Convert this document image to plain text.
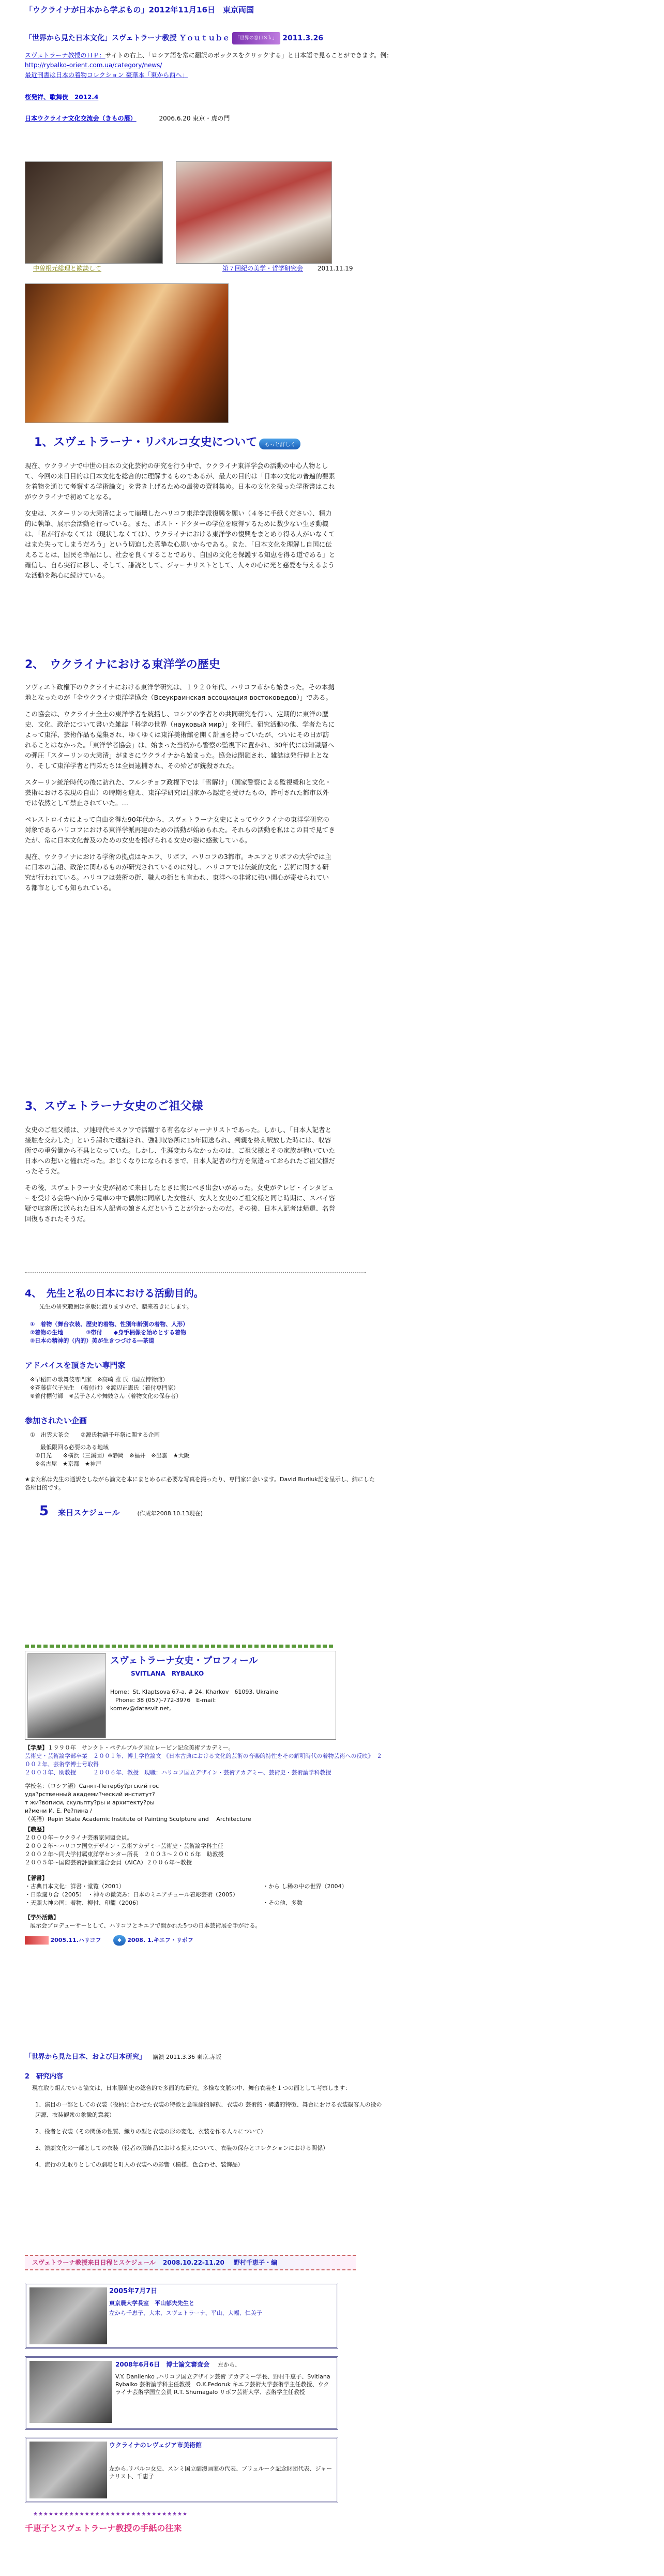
「ウクライナが日本から学ぶもの」2012年11月16日　東京両国
「世界から見た日本文化」スヴェトラーナ教授 Ｙｏｕｔｕｂｅ 「世界の窓口Ｓｋ」 2011.3.26
スヴェトラーナ教授のＨＰ：サイトの右上、「ロシア語を常に翻訳のボックスをクリックする」と日本語で見ることができます。例： http://rybalko-orient.com.ua/category/news/
最近刊書は日本の着物コレクション 豪華本「東から西へ」
桜発祥、歌舞伎　2012.4
日本ウクライナ文化交流会（きもの展）	2006.6.20 東京・虎の門
中曽根元総理と歓談して	第７回紀の美学・哲学研究会 2011.11.19
1、スヴェトラーナ・リバルコ女史について もっと詳しく

現在、ウクライナで中世の日本の文化芸術の研究を行う中で、ウクライナ東洋学会の活動の中心人物として、今回の来日目的は日本文化を総合的に理解するものであるが、最大の目的は「日本の文化の普遍的要素を着物を通じて考察する学術論文」を書き上げるための最後の資料集め。日本の文化を扱った学術書はこれがウクライナで初めてとなる。

女史は、スターリンの大粛清によって崩壊したハリコフ東洋学派復興を願い（４冬に手紙ください）、精力的に執筆、展示会活動を行っている。また、ポスト・ドクターの学位を取得するために数少ない生き動機は、「私が行かなくては（現状しなくては）、ウクライナにおける東洋学の復興をまとめり得る人がいなくてはまた失ってしまうだろう」という切迫した真摯な心思いからである。また、「日本文化を理解し自国に伝えることは、国民を幸福にし、社会を良くすることであり、自国の文化を保護する知恵を得る道である」と確信し、自ら実行に移し、そして、謙読として、ジャーナリストとして、人々の心に光と慈愛を与えるような活動を熱心に続けている。

2、　ウクライナにおける東洋学の歴史

ソヴィエト政権下のウクライナにおける東洋学研究は、１９２０年代、ハリコフ市から始まった。その本拠地となったのが「全ウクライナ東洋学協会（Всеукраинская ассоциация востоковедов）」である。

この協会は、ウクライナ全土の東洋学者を統括し、ロシアの学者との共同研究を行い、定期的に東洋の歴史、文化、政治について書いた雑誌「科学の世界（науковый мир）」を刊行、研究活動の他、学者たちによって東洋、芸術作品も蒐集され、ゆくゆくは東洋美術館を開く計画を持っていたが、ついにその日が訪れることはなかった。「東洋学者協会」は、始まった当初から警察の監視下に置かれ、30年代には知識層への弾圧「スターリンの大粛清」がまさにウクライナから始まった。協会は閉鎖され、雑誌は発行停止となり、そして東洋学者と門弟たちは全員逮捕され、その殆どが銃殺された。

スターリン統治時代の後に訪れた、フルシチョフ政権下では「雪解け」（国家警察による監視緩和と文化・芸術における表現の自由）の時期を迎え、東洋学研究は国家から認定を受けたもの、許可された都市以外では依然として禁止されていた。…

ペレストロイカによって自由を得た90年代から、スヴェトラーナ女史によってウクライナの東洋学研究の対象であるハリコフにおける東洋学派再建のための活動が始められた。それらの活動を私はこの目で見てきたが、常に日本文化普及のための女史を掲げられる女史の姿に感動している。

現在、ウクライナにおける学術の拠点はキエフ、リボフ、ハリコフの3都市。キエフとリボフの大学では主に日本の言語、政治に関わるものが研究されているのに対し、ハリコフでは伝統的文化・芸術に関する研究が行われている。ハリコフは芸術の街、職人の街とも言われ、東洋への非常に強い関心が寄せられている都市としても知られている。

3、スヴェトラーナ女史のご祖父様

女史のご祖父様は、ソ連時代モスクワで活躍する有名なジャーナリストであった。しかし、「日本人記者と接触を交わした」という謂れで逮捕され、強制収容所に15年間送られ、判親を終え釈放した時には、収容所での重労働から不具となっていた。しかし、生涯変わらなかったのは、ご祖父様とその家族が抱いていた日本への想いと憧れだった。おじくなりになられるまで、日本人記者の行方を気遣っておられたご祖父様だったそうだ。

その後、スヴェトラーナ女史が初めて来日したときに実にべき出会いがあった。女史がテレビ・インタビューを受ける会場へ向かう電車の中で偶然に同席した女性が、女人と女史のご祖父様と同じ時期に、スパイ容疑で収容所に送られた日本人記者の娘さんだということが分かったのだ。その後、日本人記者は帰還、名誉回復もされたそうだ。

4、　先生と私の日本における活動目的。
先生の研究範囲は多版に渡りますので、贈来着きにします。
①　着物（舞台衣装、歴史的着物、性別年齢別の着物、人形）
②着物の生地　　　　③帯付　　◆身手柄像を始めとする着物
⑤日本の精神的（内的）美が生きつづける―茶道
アドバイスを頂きたい専門家
※早稲田の歌舞伎専門家　※高崎 雅 氏（国立博物館）
※斉藤信代子先生　（着付け）※渡辺正憲氏（着付専門家）
※着付標付師　※芸子さんや舞妓さん（着物文化の保存者）
参加されたい企画
①　出雲大茶会　　②源氏物語千年祭に関する企画
最低限回る必要のある地域
①日光　　※横浜（三溪園）※静岡　※福井　※出雲　★大阪
※名古屋　★京都　★神戸
★また私は先生の通訳をしながら論文を本にまとめるに必要な写真を撮ったり、専門家に会います。David Burliuk記を呈示し、結にした各所目的です。
5 来日スケジュール	(作成年2008.10.13現在)
スヴェトラーナ女史・プロフィール
SVITLANA　RYBALKO
Home：St. Klaptsova 67-a, # 24, Kharkov　61093, Ukraine
Phone: 38 (057)-772-3976　E-mail:
kornev@datasvit.net,
【学歴】１９９０年　サンクト・ペテルブルグ国立レーピン記念美術アカデミー。
芸術史・芸術論学部卒業　２００１年、博士学位論文 《日本古典における文化的芸術の音楽的特性をその解明時代の着物芸術への反映》　２００２年、芸術学博士号取得
２００３年、助教授　　　２００６年、教授　現職：ハリコフ国立デザイン・芸術アカデミー、芸術史・芸術論学科教授
学校名：（ロシア語）Санкт-Петербу?ргский гос
уда?рственный академи?ческий институт?
т жи?вописи, скульпту?ры и архитекту?ры
и?мени И. Е. Ре?пина /
（英語）Repin State Academic Institute of Painting Sculpture and 　Architecture
【職歴】
２０００年〜ウクライナ芸術家同盟会員。
２００２年〜ハリコフ国立デザイン・芸術アカデミー芸術史・芸術論学科主任
２００２年〜同大学付属東洋学センター所長　２００３〜２００６年　助教授
２００５年〜国際芸術評論家連合会員（AICA）２００６年〜教授
【著書】
・古典日本文化：詳書・堂覧（2001）
・日欧適り合（2005）　・神々の微笑み：日本のミニアチュール着彫芸術（2005）
・天照大神の国：着物、柳付、印籠（2006）
・から し稀の中の世界（2004）
・その他、多数
【学外活動】
展示会プロデューサーとして、ハリコフとキエフで開かれた5つの日本芸術展を手がける。
2005.11.ハリコフ	◆ 2008. 1.キエフ・リボフ
「世界から見た日本、および日本研究」 講演 2011.3.36 東京.赤坂
2　研究内容
現在取り組んでいる論文は、日本服飾史の総合的で多面的な研究。多様な文脈の中、舞台衣装を１つの面として考察します：
1、演目の一部としての衣装（役柄に合わせた衣装の特徴と意味論的解釈、衣装の 芸術的・構造的特徴、舞台における衣装観客人の役の起源、衣装観衆の象徴的意義）
2、役者と衣装（その関係の性質、織りの型と衣装の形の変化、衣装を作る人々について）
3、演劇文化の一部としての衣装（役者の服飾品における捉えについて、衣装の保存とコレクションにおける関係）
4、流行の先取りとしての劇場と町人の衣装への影響（模様、色合わせ、装飾品）
スヴェトラーナ教授来日日程とスケジュール 2008.10.22-11.20 野村千恵子・編
2005年7月7日
東京農大学長室　平山郁夫先生と
左から千恵子、大木、スヴェトラーナ、平山、大幅、仁美子
2008年6月6日　博士論文審査会 左から、
V.Y. Danilenko ,ハリコフ国立デザイン芸術 アカデミー学長、野村千恵子、Svitlana Rybalko 芸術論学科主任教授　O.K.Fedoruk キエフ芸術大学芸術学主任教授、ウクライナ芸術学国立会員 R.T. Shumagalo リボフ芸術大学、芸術学主任教授
ウクライナのレヴェジア市美術館
左から,リバルコ女史、スンミ国立劇漫画家の代表、ブリュルーク記念財団代表、ジャーナリスト、千恵子
★★★★★★★★★★★★★★★★★★★★★★★★★★★★★★
千恵子とスヴェトラーナ教授の手紙の往来
